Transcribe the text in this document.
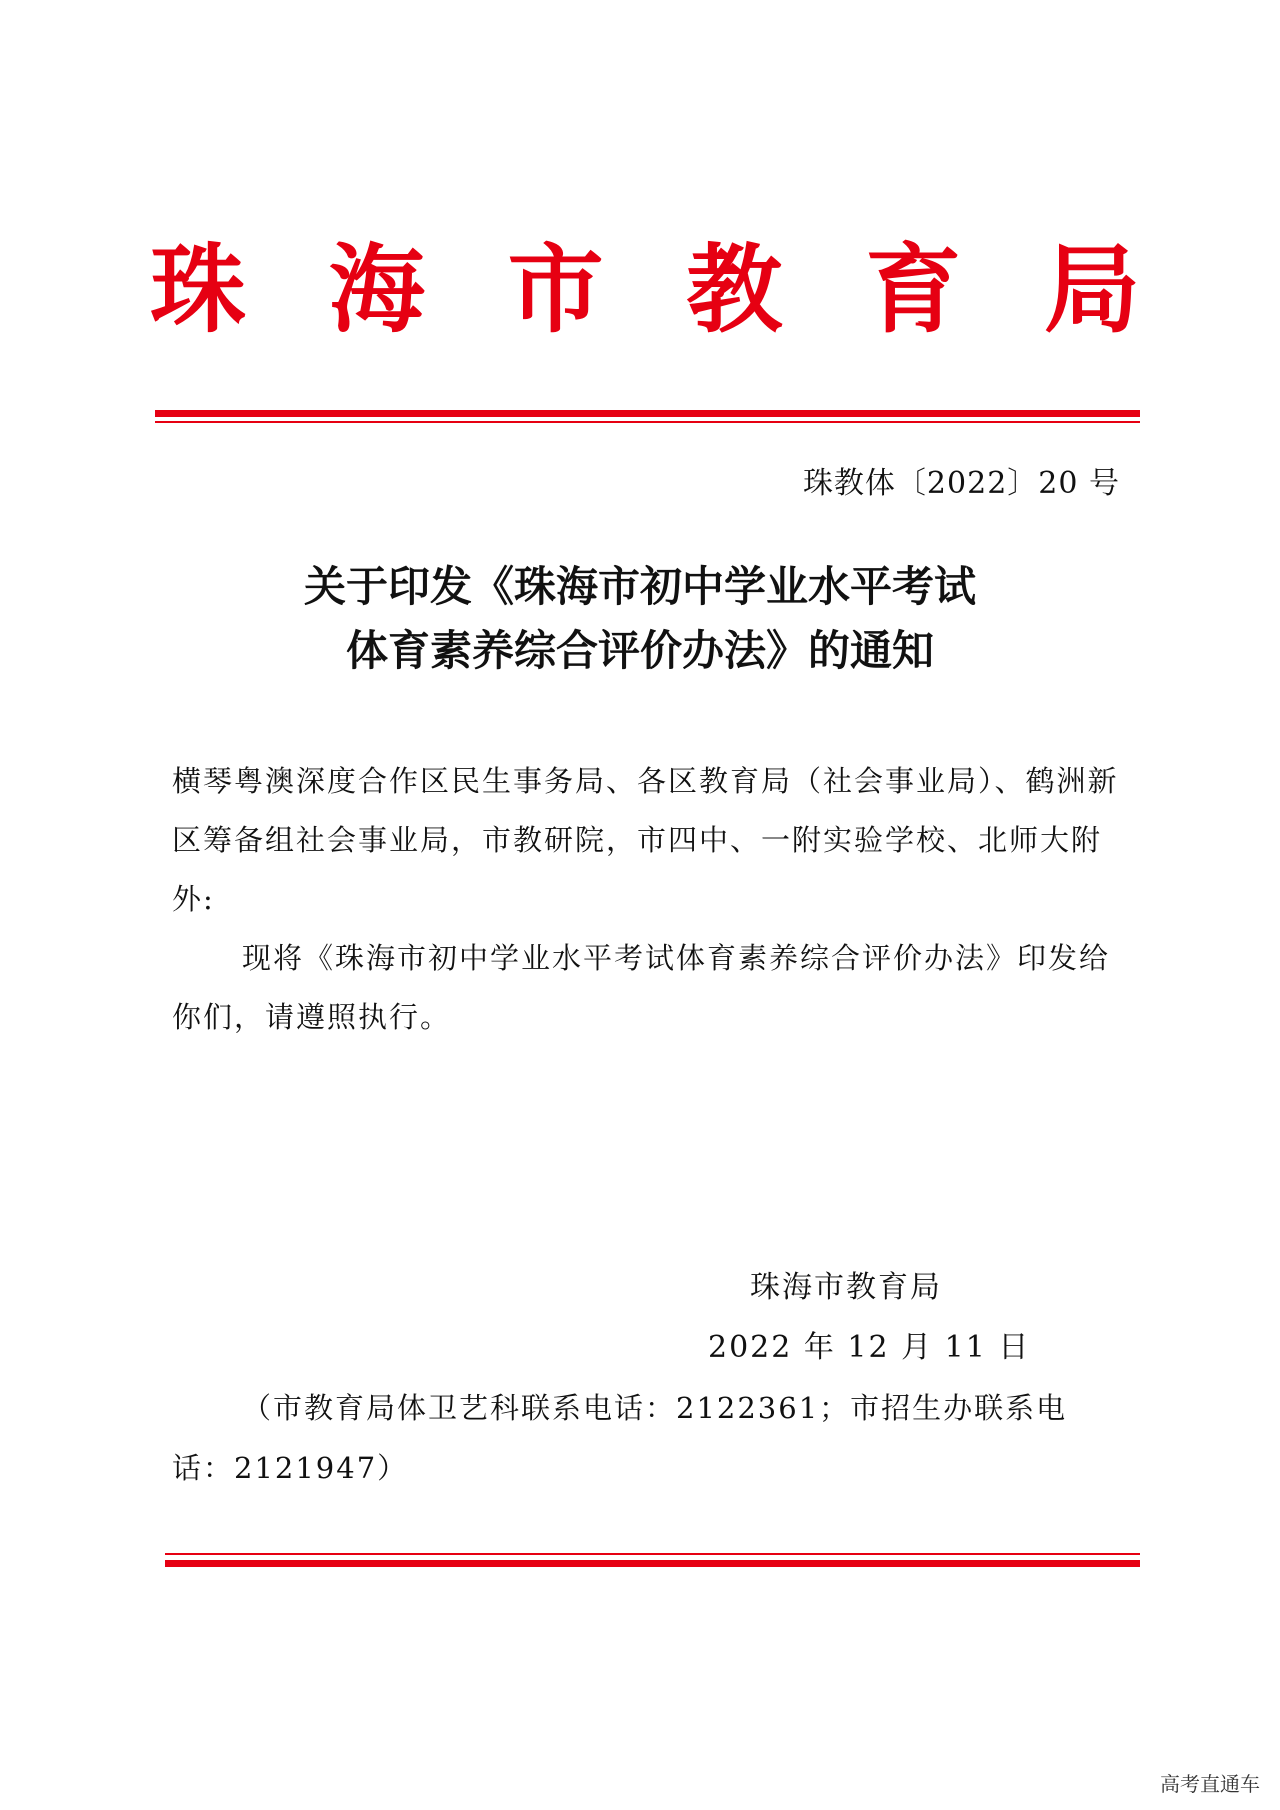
珠 海 市 教 育 局
珠教体〔2022〕20 号
关于印发《珠海市初中学业水平考试
体育素养综合评价办法》的通知

横琴粤澳深度合作区民生事务局、各区教育局（社会事业局）、鹤洲新区筹备组社会事业局，市教研院，市四中、一附实验学校、北师大附外:

现将《珠海市初中学业水平考试体育素养综合评价办法》印发给你们，请遵照执行。

珠海市教育局
2022 年 12 月 11 日
（市教育局体卫艺科联系电话：2122361；市招生办联系电话：2121947）
高考直通车
